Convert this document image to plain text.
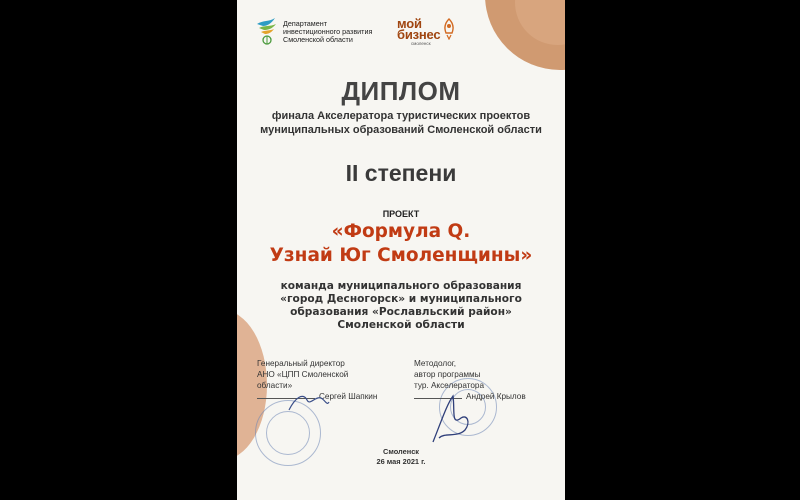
Департамент
инвестиционного развития
Смоленской области
мой
бизнес
смоленск
ДИПЛОМ
финала Акселератора туристических проектов
муниципальных образований Смоленской области
II степени
ПРОЕКТ
«Формула Q.
Узнай Юг Смоленщины»
команда муниципального образования
«город Десногорск» и муниципального
образования «Рославльский район»
Смоленской области
Генеральный директор
АНО «ЦПП Смоленской
области»
Сергей Шапкин
Методолог,
автор программы
тур. Акселератора
Андрей Крылов
Смоленск
26 мая 2021 г.
